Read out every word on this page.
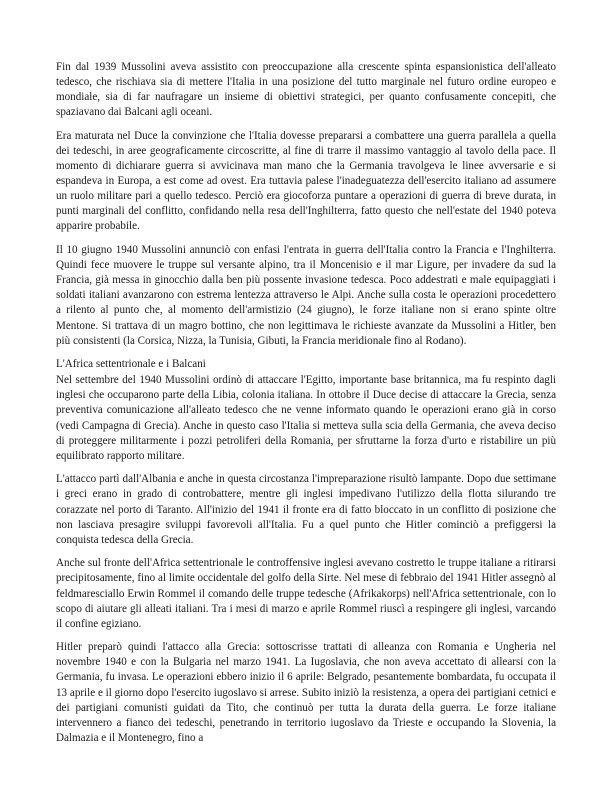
Fin dal 1939 Mussolini aveva assistito con preoccupazione alla crescente spinta espansionistica dell'alleato tedesco, che rischiava sia di mettere l'Italia in una posizione del tutto marginale nel futuro ordine europeo e mondiale, sia di far naufragare un insieme di obiettivi strategici, per quanto confusamente concepiti, che spaziavano dai Balcani agli oceani.

Era maturata nel Duce la convinzione che l'Italia dovesse prepararsi a combattere una guerra parallela a quella dei tedeschi, in aree geograficamente circoscritte, al fine di trarre il massimo vantaggio al tavolo della pace. Il momento di dichiarare guerra si avvicinava man mano che la Germania travolgeva le linee avversarie e si espandeva in Europa, a est come ad ovest. Era tuttavia palese l'inadeguatezza dell'esercito italiano ad assumere un ruolo militare pari a quello tedesco. Perciò era giocoforza puntare a operazioni di guerra di breve durata, in punti marginali del conflitto, confidando nella resa dell'Inghilterra, fatto questo che nell'estate del 1940 poteva apparire probabile.

Il 10 giugno 1940 Mussolini annunciò con enfasi l'entrata in guerra dell'Italia contro la Francia e l'Inghilterra. Quindi fece muovere le truppe sul versante alpino, tra il Moncenisio e il mar Ligure, per invadere da sud la Francia, già messa in ginocchio dalla ben più possente invasione tedesca. Poco addestrati e male equipaggiati i soldati italiani avanzarono con estrema lentezza attraverso le Alpi. Anche sulla costa le operazioni procedettero a rilento al punto che, al momento dell'armistizio (24 giugno), le forze italiane non si erano spinte oltre Mentone. Si trattava di un magro bottino, che non legittimava le richieste avanzate da Mussolini a Hitler, ben più consistenti (la Corsica, Nizza, la Tunisia, Gibuti, la Francia meridionale fino al Rodano).

L'Africa settentrionale e i Balcani

Nel settembre del 1940 Mussolini ordinò di attaccare l'Egitto, importante base britannica, ma fu respinto dagli inglesi che occuparono parte della Libia, colonia italiana. In ottobre il Duce decise di attaccare la Grecia, senza preventiva comunicazione all'alleato tedesco che ne venne informato quando le operazioni erano già in corso (vedi Campagna di Grecia). Anche in questo caso l'Italia si metteva sulla scia della Germania, che aveva deciso di proteggere militarmente i pozzi petroliferi della Romania, per sfruttarne la forza d'urto e ristabilire un più equilibrato rapporto militare.

L'attacco partì dall'Albania e anche in questa circostanza l'impreparazione risultò lampante. Dopo due settimane i greci erano in grado di controbattere, mentre gli inglesi impedivano l'utilizzo della flotta silurando tre corazzate nel porto di Taranto. All'inizio del 1941 il fronte era di fatto bloccato in un conflitto di posizione che non lasciava presagire sviluppi favorevoli all'Italia. Fu a quel punto che Hitler cominciò a prefiggersi la conquista tedesca della Grecia.

Anche sul fronte dell'Africa settentrionale le controffensive inglesi avevano costretto le truppe italiane a ritirarsi precipitosamente, fino al limite occidentale del golfo della Sirte. Nel mese di febbraio del 1941 Hitler assegnò al feldmaresciallo Erwin Rommel il comando delle truppe tedesche (Afrikakorps) nell'Africa settentrionale, con lo scopo di aiutare gli alleati italiani. Tra i mesi di marzo e aprile Rommel riuscì a respingere gli inglesi, varcando il confine egiziano.

Hitler preparò quindi l'attacco alla Grecia: sottoscrisse trattati di alleanza con Romania e Ungheria nel novembre 1940 e con la Bulgaria nel marzo 1941. La Iugoslavia, che non aveva accettato di allearsi con la Germania, fu invasa. Le operazioni ebbero inizio il 6 aprile: Belgrado, pesantemente bombardata, fu occupata il 13 aprile e il giorno dopo l'esercito iugoslavo si arrese. Subito iniziò la resistenza, a opera dei partigiani cetnici e dei partigiani comunisti guidati da Tito, che continuò per tutta la durata della guerra. Le forze italiane intervennero a fianco dei tedeschi, penetrando in territorio iugoslavo da Trieste e occupando la Slovenia, la Dalmazia e il Montenegro, fino a
